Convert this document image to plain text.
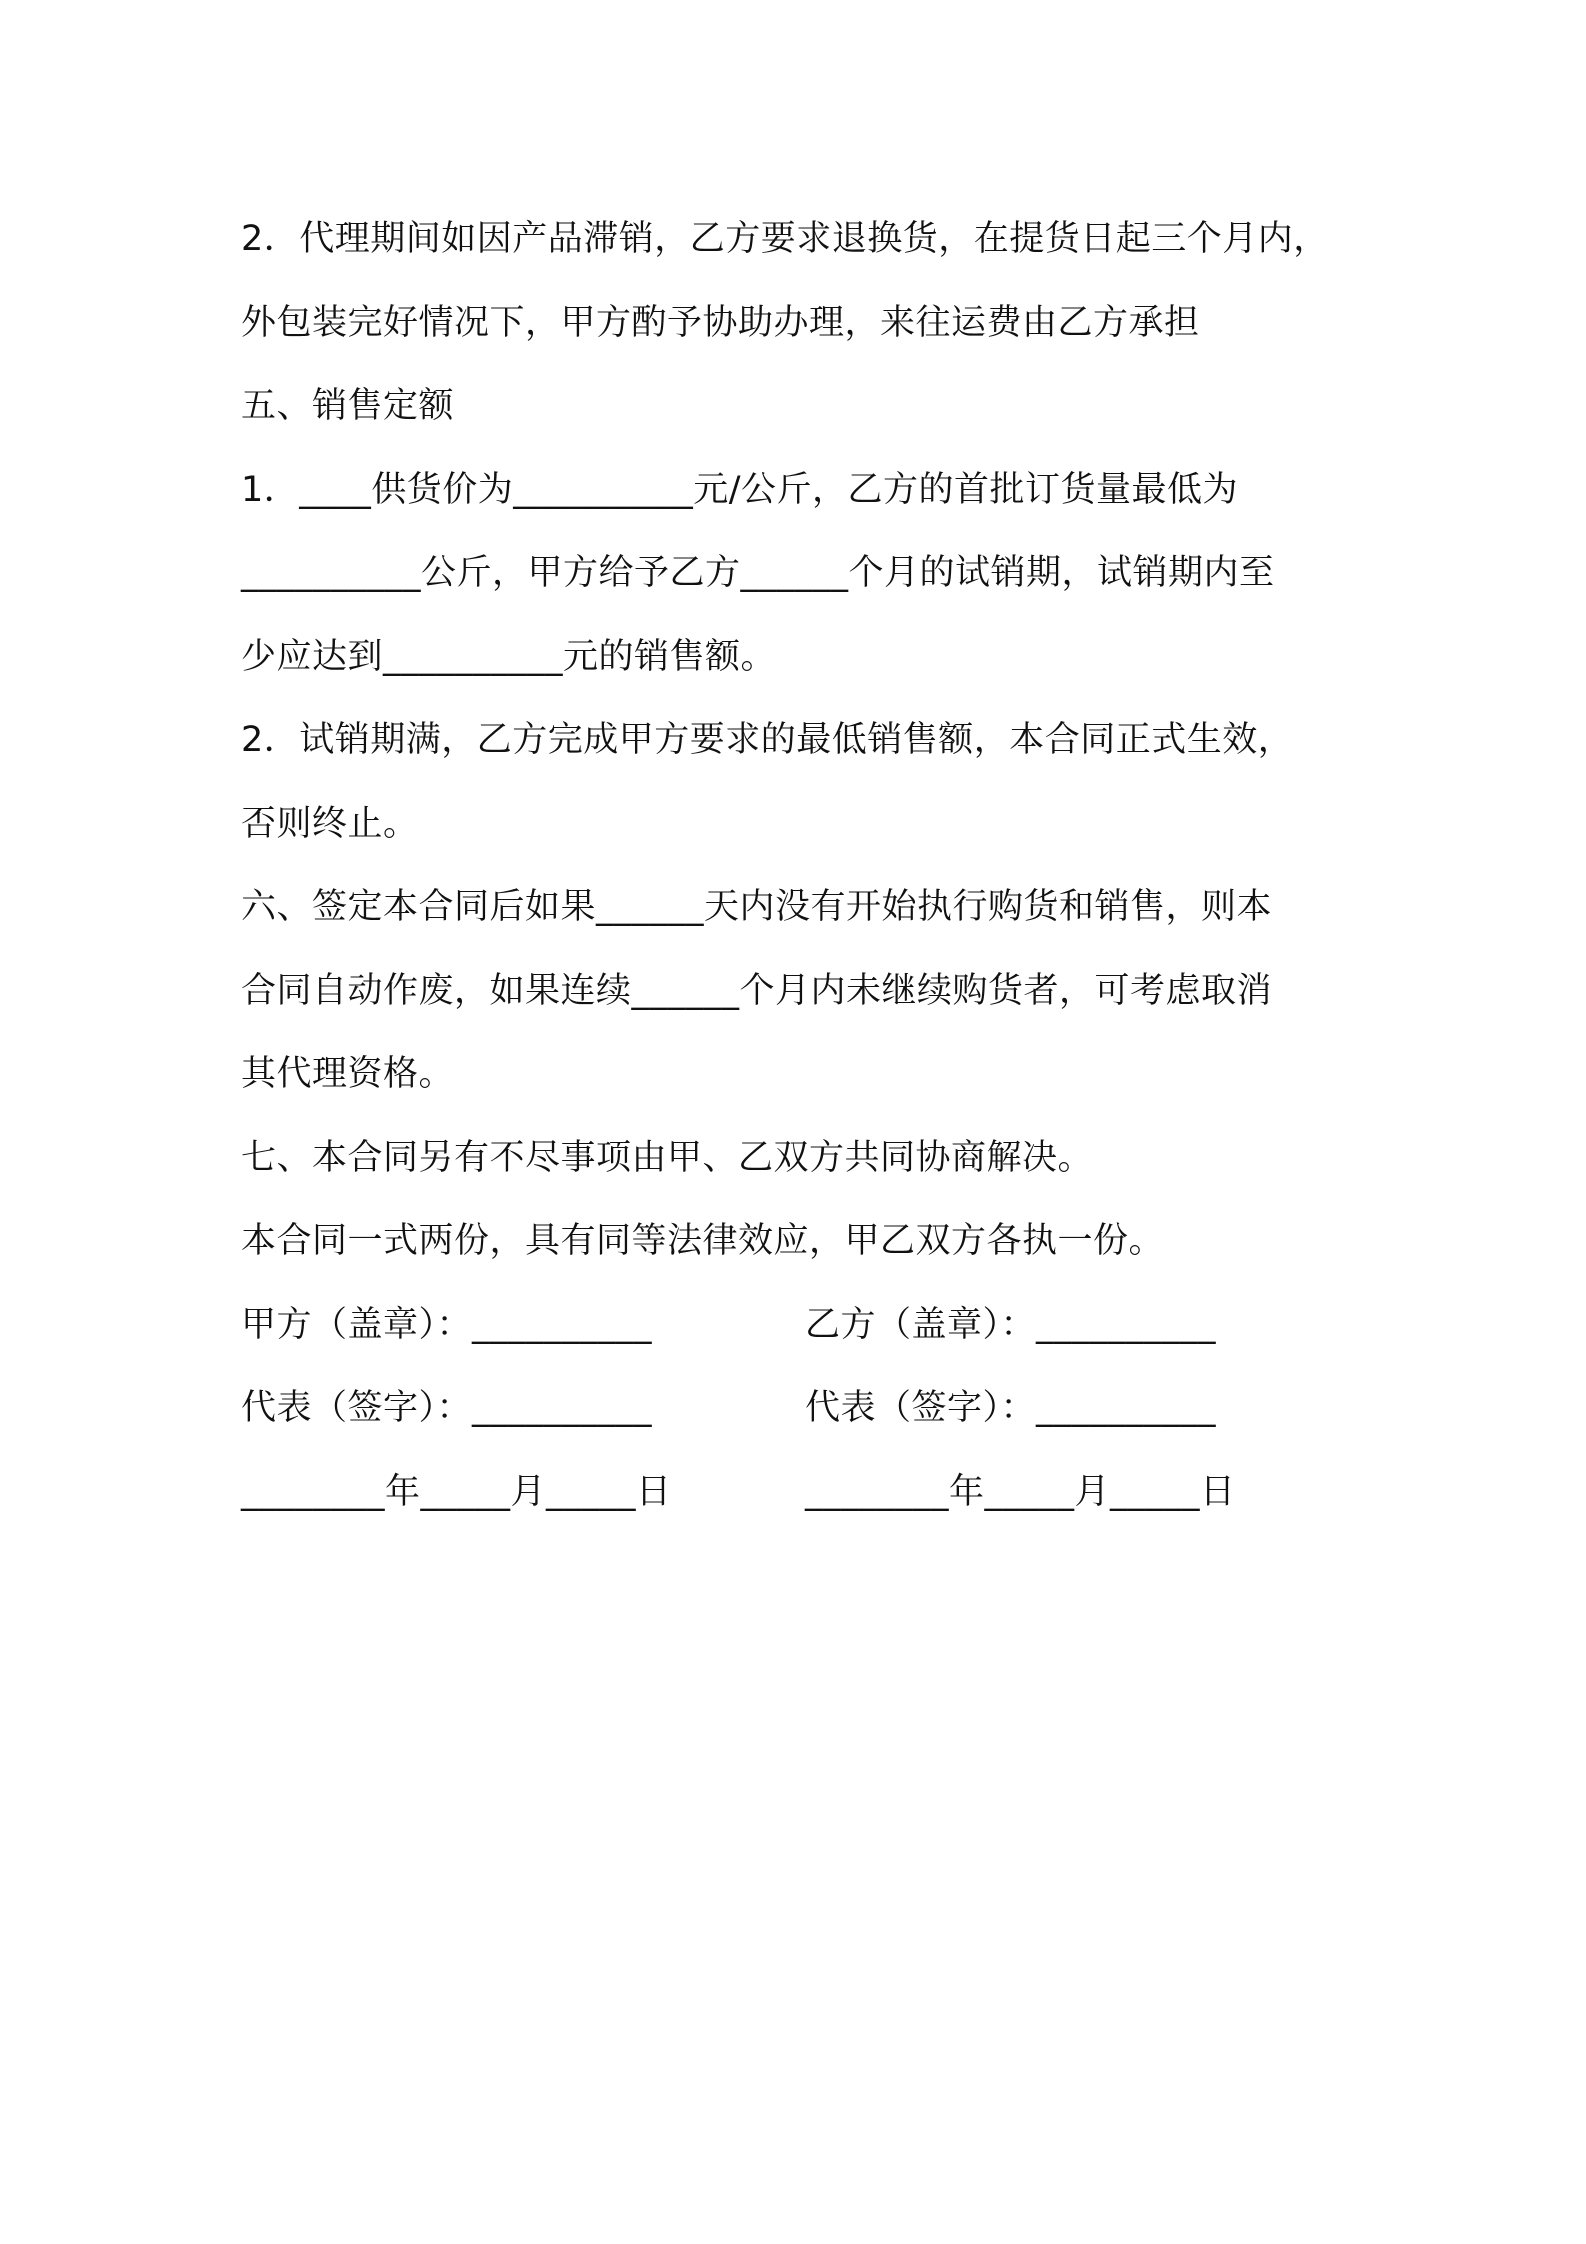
2．代理期间如因产品滞销，乙方要求退换货，在提货日起三个月内，
外包装完好情况下，甲方酌予协助办理，来往运费由乙方承担
五、销售定额
1．____供货价为__________元/公斤，乙方的首批订货量最低为
__________公斤，甲方给予乙方______个月的试销期，试销期内至
少应达到__________元的销售额。
2．试销期满，乙方完成甲方要求的最低销售额，本合同正式生效，
否则终止。
六、签定本合同后如果______天内没有开始执行购货和销售，则本
合同自动作废，如果连续______个月内未继续购货者，可考虑取消
其代理资格。
七、本合同另有不尽事项由甲、乙双方共同协商解决。
本合同一式两份，具有同等法律效应，甲乙双方各执一份。
甲方（盖章）：__________	乙方（盖章）：__________
代表（签字）：__________	代表（签字）：__________
________年_____月_____日	________年_____月_____日
